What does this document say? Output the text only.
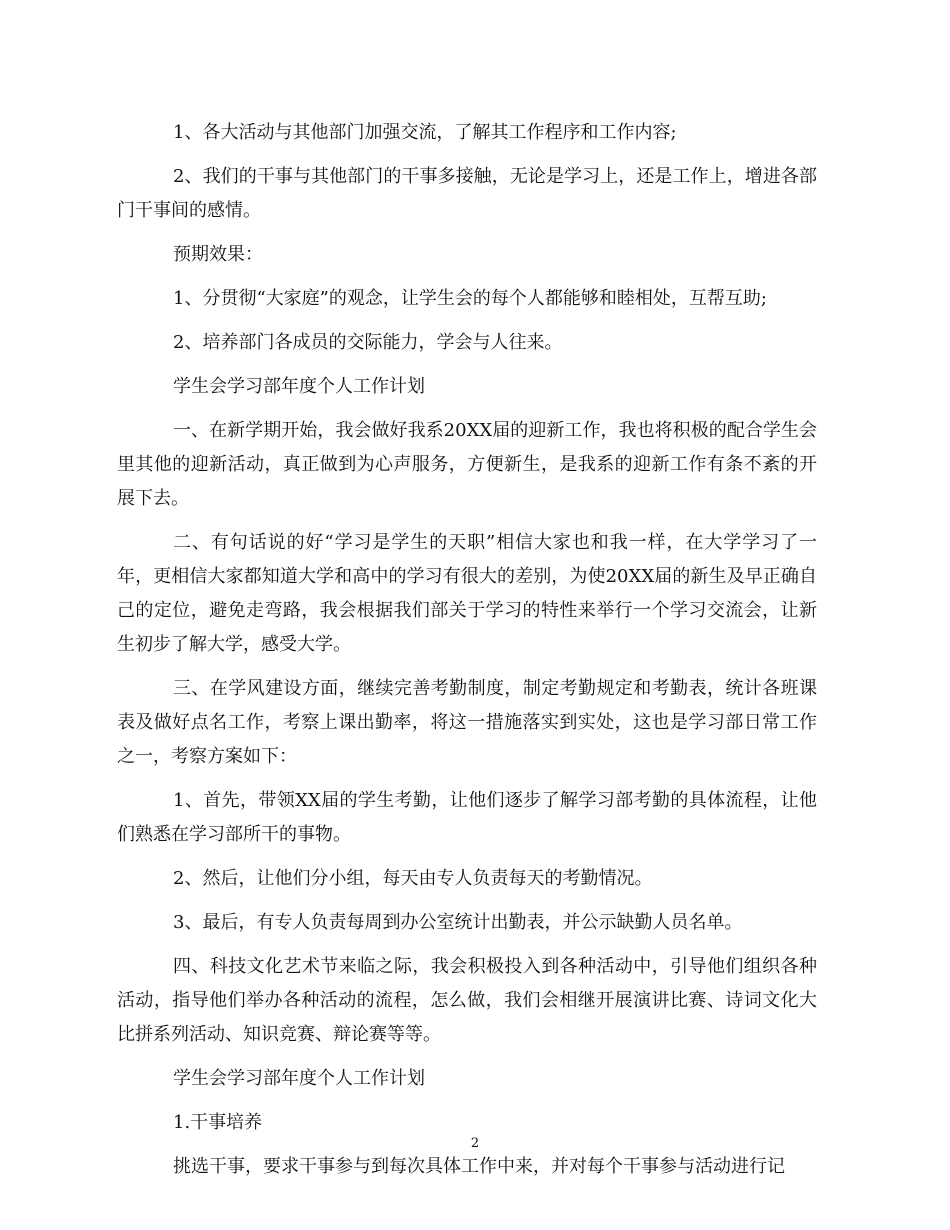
1、各大活动与其他部门加强交流，了解其工作程序和工作内容;

2、我们的干事与其他部门的干事多接触，无论是学习上，还是工作上，增进各部门干事间的感情。

预期效果：

1、分贯彻“大家庭”的观念，让学生会的每个人都能够和睦相处，互帮互助;

2、培养部门各成员的交际能力，学会与人往来。

学生会学习部年度个人工作计划

一、在新学期开始，我会做好我系20XX届的迎新工作，我也将积极的配合学生会里其他的迎新活动，真正做到为心声服务，方便新生，是我系的迎新工作有条不紊的开展下去。

二、有句话说的好“学习是学生的天职”相信大家也和我一样，在大学学习了一年，更相信大家都知道大学和高中的学习有很大的差别，为使20XX届的新生及早正确自己的定位，避免走弯路，我会根据我们部关于学习的特性来举行一个学习交流会，让新生初步了解大学，感受大学。

三、在学风建设方面，继续完善考勤制度，制定考勤规定和考勤表，统计各班课表及做好点名工作，考察上课出勤率，将这一措施落实到实处，这也是学习部日常工作之一，考察方案如下：

1、首先，带领XX届的学生考勤，让他们逐步了解学习部考勤的具体流程，让他们熟悉在学习部所干的事物。

2、然后，让他们分小组，每天由专人负责每天的考勤情况。

3、最后，有专人负责每周到办公室统计出勤表，并公示缺勤人员名单。

四、科技文化艺术节来临之际，我会积极投入到各种活动中，引导他们组织各种活动，指导他们举办各种活动的流程，怎么做，我们会相继开展演讲比赛、诗词文化大比拼系列活动、知识竞赛、辩论赛等等。

学生会学习部年度个人工作计划

1.干事培养

挑选干事，要求干事参与到每次具体工作中来，并对每个干事参与活动进行记

2
